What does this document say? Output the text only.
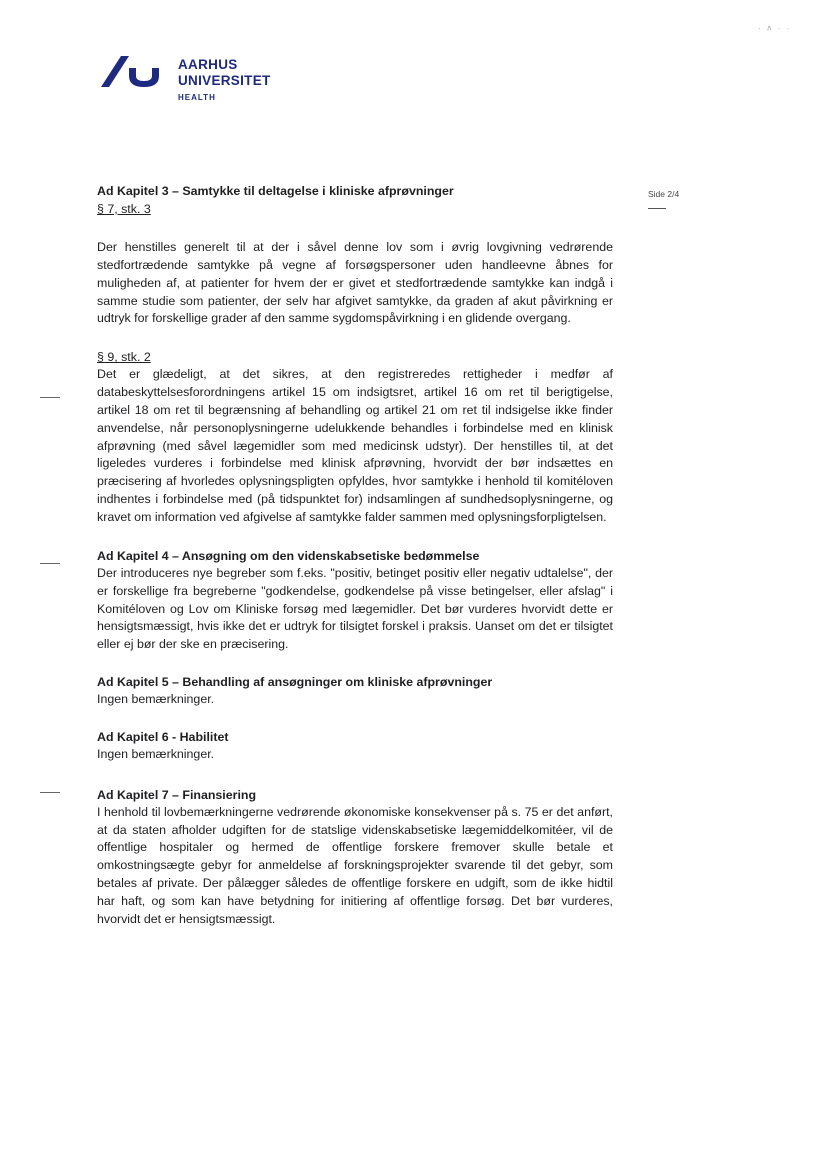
AARHUS
UNIVERSITET
HEALTH
· ˄ · ·
Side 2/4

Ad Kapitel 3 – Samtykke til deltagelse i kliniske afprøvninger

§ 7, stk. 3

Der henstilles generelt til at der i såvel denne lov som i øvrig lovgivning vedrørende stedfortrædende samtykke på vegne af forsøgspersoner uden handleevne åbnes for muligheden af, at patienter for hvem der er givet et stedfortrædende samtykke kan indgå i samme studie som patienter, der selv har afgivet samtykke, da graden af akut påvirkning er udtryk for forskellige grader af den samme sygdomspåvirkning i en glidende overgang.

§ 9, stk. 2

Det er glædeligt, at det sikres, at den registreredes rettigheder i medfør af databeskyttelsesforordningens artikel 15 om indsigtsret, artikel 16 om ret til berigtigelse, artikel 18 om ret til begrænsning af behandling og artikel 21 om ret til indsigelse ikke finder anvendelse, når personoplysningerne udelukkende behandles i forbindelse med en klinisk afprøvning (med såvel lægemidler som med medicinsk udstyr). Der henstilles til, at det ligeledes vurderes i forbindelse med klinisk afprøvning, hvorvidt der bør indsættes en præcisering af hvorledes oplysningspligten opfyldes, hvor samtykke i henhold til komitéloven indhentes i forbindelse med (på tidspunktet for) indsamlingen af sundhedsoplysningerne, og kravet om information ved afgivelse af samtykke falder sammen med oplysningsforpligtelsen.

Ad Kapitel 4 – Ansøgning om den videnskabsetiske bedømmelse

Der introduceres nye begreber som f.eks. "positiv, betinget positiv eller negativ udtalelse", der er forskellige fra begreberne "godkendelse, godkendelse på visse betingelser, eller afslag" i Komitéloven og Lov om Kliniske forsøg med lægemidler. Det bør vurderes hvorvidt dette er hensigtsmæssigt, hvis ikke det er udtryk for tilsigtet forskel i praksis. Uanset om det er tilsigtet eller ej bør der ske en præcisering.

Ad Kapitel 5 – Behandling af ansøgninger om kliniske afprøvninger

Ingen bemærkninger.

Ad Kapitel 6 - Habilitet

Ingen bemærkninger.

Ad Kapitel 7 – Finansiering

I henhold til lovbemærkningerne vedrørende økonomiske konsekvenser på s. 75 er det anført, at da staten afholder udgiften for de statslige videnskabsetiske lægemiddelkomitéer, vil de offentlige hospitaler og hermed de offentlige forskere fremover skulle betale et omkostningsægte gebyr for anmeldelse af forskningsprojekter svarende til det gebyr, som betales af private. Der pålægger således de offentlige forskere en udgift, som de ikke hidtil har haft, og som kan have betydning for initiering af offentlige forsøg. Det bør vurderes, hvorvidt det er hensigtsmæssigt.
